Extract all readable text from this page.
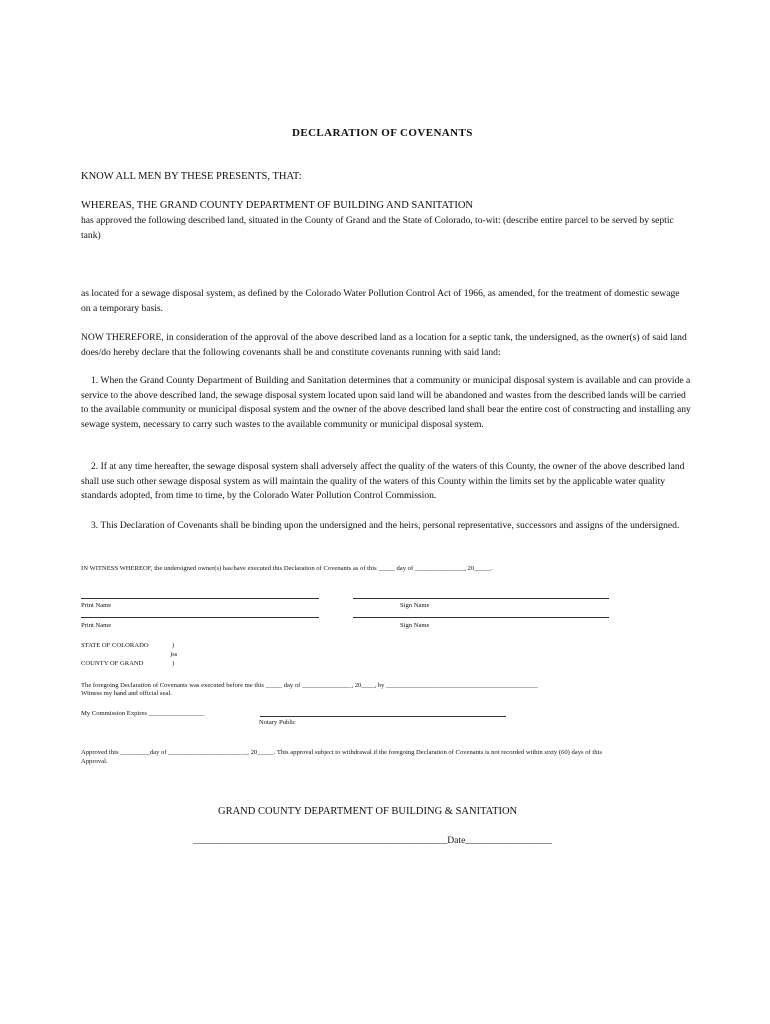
DECLARATION OF COVENANTS
KNOW ALL MEN BY THESE PRESENTS, THAT:
WHEREAS, THE GRAND COUNTY DEPARTMENT OF BUILDING AND SANITATION
has approved the following described land, situated in the County of Grand and the State of Colorado, to-wit: (describe entire parcel to be served by septic tank)
as located for a sewage disposal system, as defined by the Colorado Water Pollution Control Act of 1966, as amended, for the treatment of domestic sewage on a temporary basis.
NOW THEREFORE, in consideration of the approval of the above described land as a location for a septic tank, the undersigned, as the owner(s) of said land does/do hereby declare that the following covenants shall be and constitute covenants running with said land:
1. When the Grand County Department of Building and Sanitation determines that a community or municipal disposal system is available and can provide a service to the above described land, the sewage disposal system located upon said land will be abandoned and wastes from the described lands will be carried to the available community or municipal disposal system and the owner of the above described land shall bear the entire cost of constructing and installing any sewage system, necessary to carry such wastes to the available community or municipal disposal system.
2. If at any time hereafter, the sewage disposal system shall adversely affect the quality of the waters of this County, the owner of the above described land shall use such other sewage disposal system as will maintain the quality of the waters of this County within the limits set by the applicable water quality standards adopted, from time to time, by the Colorado Water Pollution Control Commission.
3. This Declaration of Covenants shall be binding upon the undersigned and the heirs, personal representative, successors and assigns of the undersigned.
IN WITNESS WHEREOF, the undersigned owner(s) has/have executed this Declaration of Covenants as of this _____ day of _______________, 20_____.
Print Name	Sign Name
Print Name	Sign Name
STATE OF COLORADO	)
)ss
COUNTY OF GRAND	)
The foregoing Declaration of Covenants was executed before me this _____ day of _______________, 20____, by ______________________________________________
Witness my hand and official seal.
My Commission Expires _________________
Notary Public
Approved this _________day of ________________________, 20_____. This approval subject to withdrawal if the foregoing Declaration of Covenants is not recorded within sixty (60) days of this
Approval.
GRAND COUNTY DEPARTMENT OF BUILDING & SANITATION
_____________________________________________________Date__________________
